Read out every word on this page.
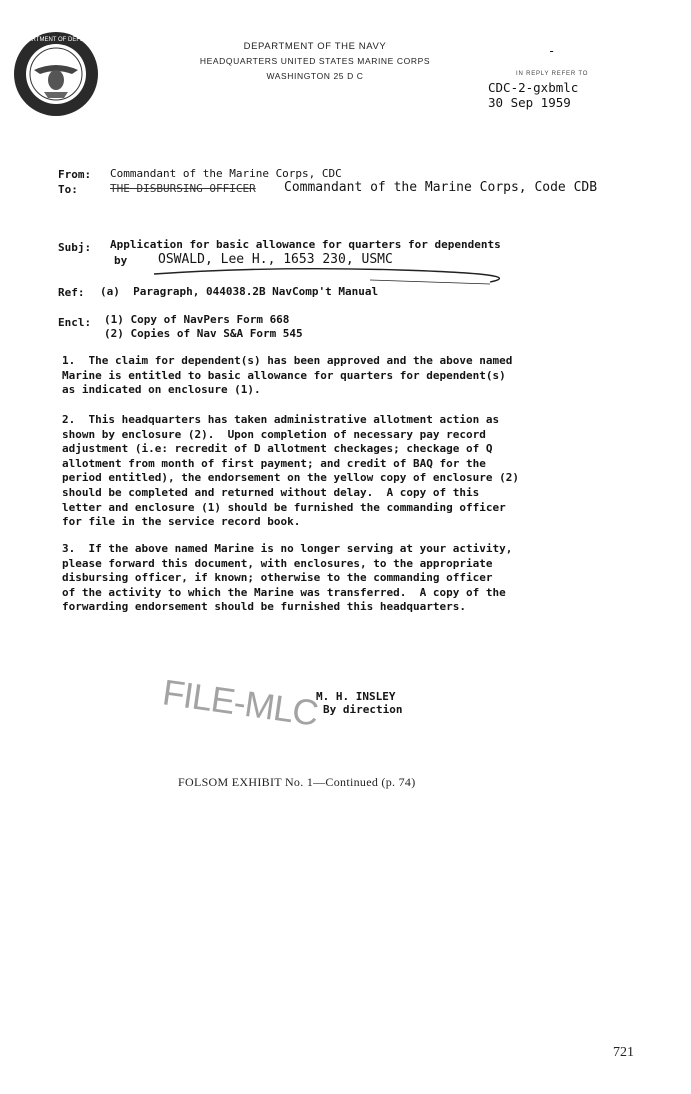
DEPARTMENT OF DEFENSE
-
DEPARTMENT OF THE NAVY
HEADQUARTERS UNITED STATES MARINE CORPS
WASHINGTON 25 D C	IN REPLY REFER TO
CDC-2-gxbmlc
30 Sep 1959
From: Commandant of the Marine Corps, CDC
To:	THE DISBURSING OFFICER Commandant of the Marine Corps, Code CDB
Subj: Application for basic allowance for quarters for dependents
by OSWALD, Lee H., 1653 230, USMC
Ref: (a)  Paragraph, 044038.2B NavComp't Manual
Encl: (1) Copy of NavPers Form 668
(2) Copies of Nav S&A Form 545
1.  The claim for dependent(s) has been approved and the above named
Marine is entitled to basic allowance for quarters for dependent(s)
as indicated on enclosure (1).
2.  This headquarters has taken administrative allotment action as
shown by enclosure (2).  Upon completion of necessary pay record
adjustment (i.e: recredit of D allotment checkages; checkage of Q
allotment from month of first payment; and credit of BAQ for the
period entitled), the endorsement on the yellow copy of enclosure (2)
should be completed and returned without delay.  A copy of this
letter and enclosure (1) should be furnished the commanding officer
for file in the service record book.
3.  If the above named Marine is no longer serving at your activity,
please forward this document, with enclosures, to the appropriate
disbursing officer, if known; otherwise to the commanding officer
of the activity to which the Marine was transferred.  A copy of the
forwarding endorsement should be furnished this headquarters.
M. H. INSLEY
By direction
FILE-MLC
FOLSOM EXHIBIT No. 1—Continued (p. 74)
721
